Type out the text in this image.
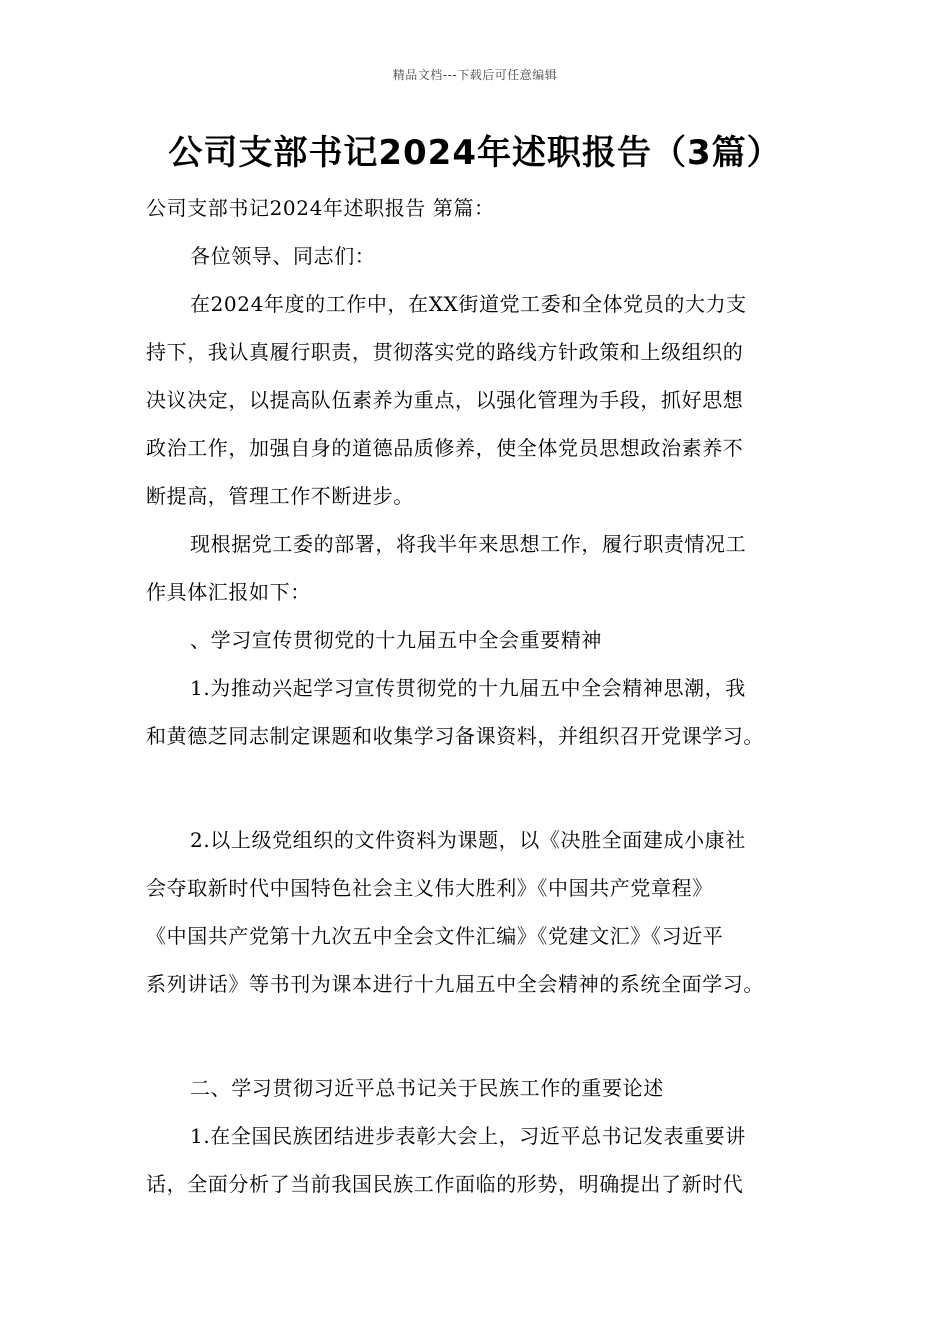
精品文档---下载后可任意编辑
公司支部书记2024年述职报告（3篇）
公司支部书记2024年述职报告 第篇：
各位领导、同志们：
在2024年度的工作中，在XX街道党工委和全体党员的大力支
持下，我认真履行职责，贯彻落实党的路线方针政策和上级组织的
决议决定，以提高队伍素养为重点，以强化管理为手段，抓好思想
政治工作，加强自身的道德品质修养，使全体党员思想政治素养不
断提高，管理工作不断进步。
现根据党工委的部署，将我半年来思想工作，履行职责情况工
作具体汇报如下：
、学习宣传贯彻党的十九届五中全会重要精神
1.为推动兴起学习宣传贯彻党的十九届五中全会精神思潮，我
和黄德芝同志制定课题和收集学习备课资料，并组织召开党课学习。
2.以上级党组织的文件资料为课题，以《决胜全面建成小康社
会夺取新时代中国特色社会主义伟大胜利》《中国共产党章程》
《中国共产党第十九次五中全会文件汇编》《党建文汇》《习近平
系列讲话》等书刊为课本进行十九届五中全会精神的系统全面学习。
二、学习贯彻习近平总书记关于民族工作的重要论述
1.在全国民族团结进步表彰大会上，习近平总书记发表重要讲
话，全面分析了当前我国民族工作面临的形势，明确提出了新时代
